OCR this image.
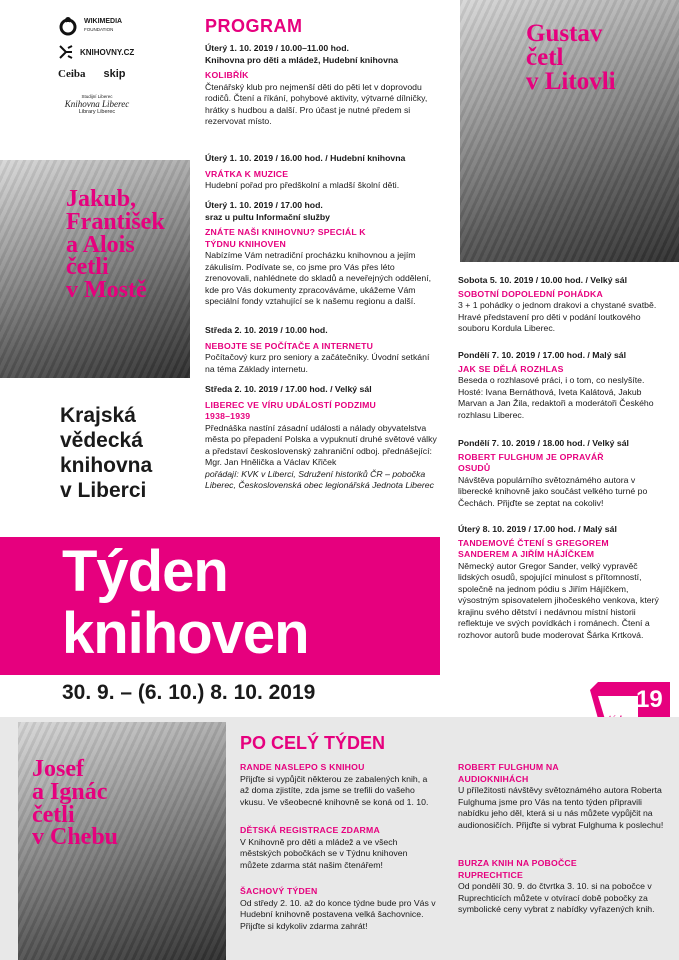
WIKIMEDIA
FOUNDATION
KNIHOVNY.CZ
Ceiba skip
Studijní Liberec
Knihovna Liberec
Library Liberec
Jakub,
František
a Alois
četli
v Mostě
Krajská
vědecká
knihovna
v Liberci
PROGRAM
Úterý 1. 10. 2019 / 10.00–11.00 hod.
Knihovna pro děti a mládež, Hudební knihovna
KOLIBŘÍK
Čtenářský klub pro nejmenší děti do pěti let v doprovodu rodičů. Čtení a říkání, pohybové aktivity, výtvarné dílničky, hrátky s hudbou a další. Pro účast je nutné předem si rezervovat místo.
Úterý 1. 10. 2019 / 16.00 hod. / Hudební knihovna
VRÁTKA K MUZICE
Hudební pořad pro předškolní a mladší školní děti.
Úterý 1. 10. 2019 / 17.00 hod.
sraz u pultu Informační služby
ZNÁTE NAŠI KNIHOVNU? SPECIÁL K TÝDNU KNIHOVEN
Nabízíme Vám netradiční procházku knihovnou a jejím zákulisím. Podívate se, co jsme pro Vás přes léto zrenovovali, nahlédnete do skladů a neveřejných oddělení, kde pro Vás dokumenty zpracováváme, ukážeme Vám speciální fondy vztahující se k našemu regionu a další.
Středa 2. 10. 2019 / 10.00 hod.
NEBOJTE SE POČÍTAČE A INTERNETU
Počítačový kurz pro seniory a začátečníky. Úvodní setkání na téma Základy internetu.
Středa 2. 10. 2019 / 17.00 hod. / Velký sál
LIBEREC VE VÍRU UDÁLOSTÍ PODZIMU 1938–1939
Přednáška nastíní zásadní události a nálady obyvatelstva města po přepadení Polska a vypuknutí druhé světové války a představí československý zahraniční odboj. přednášející: Mgr. Jan Hnělička a Václav Křiček
pořádají: KVK v Liberci, Sdružení historiků ČR – pobočka Liberec, Československá obec legionářská Jednota Liberec
Gustav
četl
v Litovli
Sobota 5. 10. 2019 / 10.00 hod. / Velký sál
SOBOTNÍ DOPOLEDNÍ POHÁDKA
3 + 1 pohádky o jednom drakovi a chystané svatbě. Hravé představení pro děti v podání loutkového souboru Kordula Liberec.
Pondělí 7. 10. 2019 / 17.00 hod. / Malý sál
JAK SE DĚLÁ ROZHLAS
Beseda o rozhlasové práci, i o tom, co neslyšíte. Hosté: Ivana Bernáthová, Iveta Kalátová, Jakub Marvan a Jan Žila, redaktoři a moderátoři Českého rozhlasu Liberec.
Pondělí 7. 10. 2019 / 18.00 hod. / Velký sál
ROBERT FULGHUM JE OPRAVÁŘ OSUDŮ
Návštěva populárního světoznámého autora v liberecké knihovně jako součást velkého turné po Čechách. Přijďte se zeptat na cokoliv!
Úterý 8. 10. 2019 / 17.00 hod. / Malý sál
TANDEMOVÉ ČTENÍ S GREGOREM SANDEREM A JIŘÍM HÁJÍČKEM
Německý autor Gregor Sander, velký vypravěč lidských osudů, spojující minulost s přítomností, společně na jednom pódiu s Jiřím Hájíčkem, výsostným spisovatelem jihočeského venkova, který krajinu svého dětství i nedávnou místní historii reflektuje ve svých povídkách i románech. Čtení a rozhovor autorů bude moderovat Šárka Krtková.
Týden
knihoven
30. 9. – (6. 10.) 8. 10. 2019	19
Josef
a Ignác
četli
v Chebu
PO CELÝ TÝDEN
RANDE NASLEPO S KNIHOU
Přijďte si vypůjčit některou ze zabalených knih, a až doma zjistíte, zda jsme se trefili do vašeho vkusu. Ve všeobecné knihovně se koná od 1. 10.
DĚTSKÁ REGISTRACE ZDARMA
V Knihovně pro děti a mládež a ve všech městských pobočkách se v Týdnu knihoven můžete zdarma stát našim čtenářem!
ŠACHOVÝ TÝDEN
Od středy 2. 10. až do konce týdne bude pro Vás v Hudební knihovně postavena velká šachovnice. Přijďte si kdykoliv zdarma zahrát!
ROBERT FULGHUM NA AUDIOKNIHÁCH
U příležitosti návštěvy světoznámého autora Roberta Fulghuma jsme pro Vás na tento týden připravili nabídku jeho děl, která si u nás můžete vypůjčit na audionosičích. Přijďte si vybrat Fulghuma k poslechu!
BURZA KNIH NA POBOČCE RUPRECHTICE
Od pondělí 30. 9. do čtvrtka 3. 10. si na pobočce v Ruprechticích můžete v otvírací době pobočky za symbolické ceny vybrat z nabídky vyřazených knih.
